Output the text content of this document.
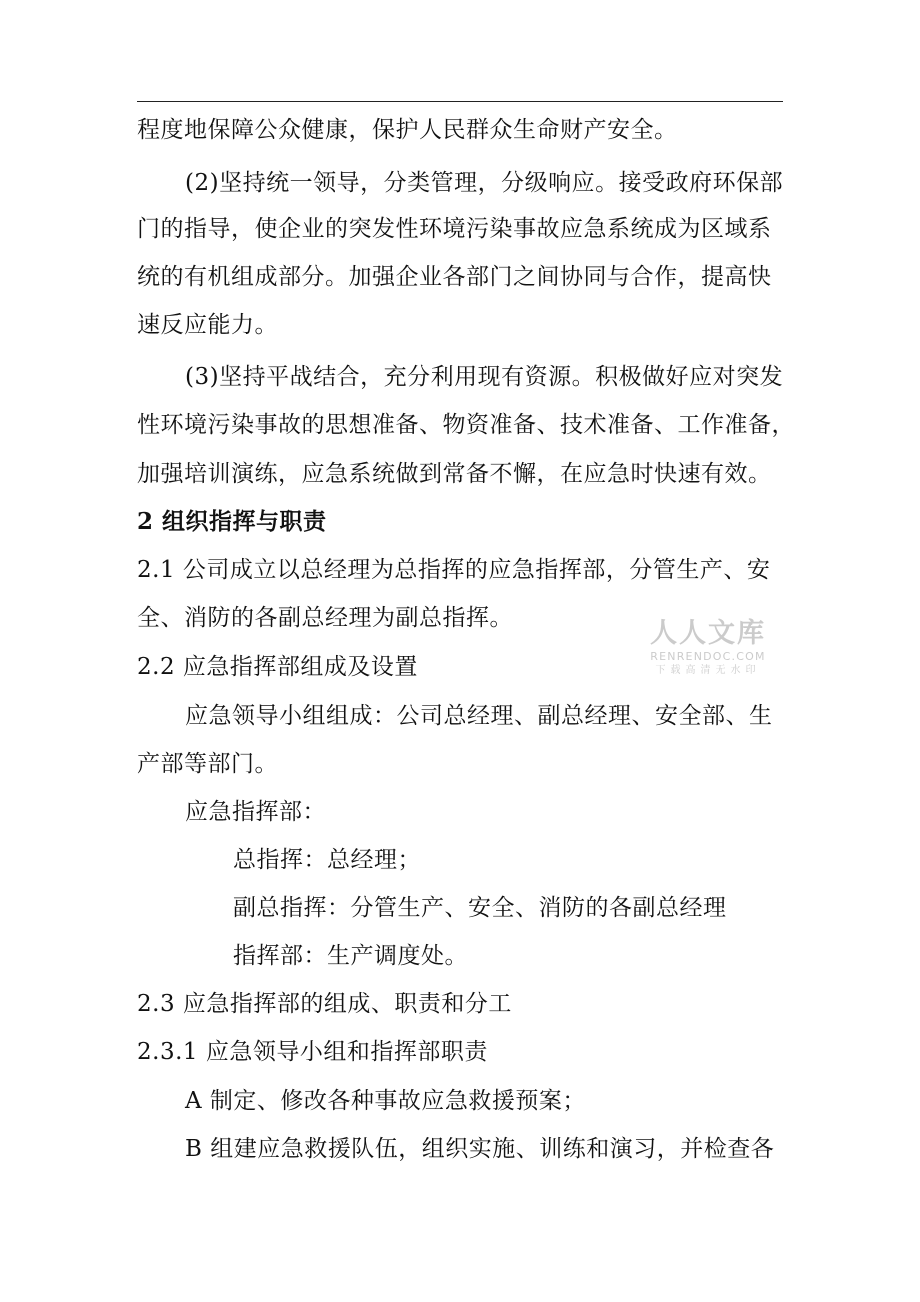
程度地保障公众健康，保护人民群众生命财产安全。
(2)坚持统一领导，分类管理，分级响应。接受政府环保部
门的指导，使企业的突发性环境污染事故应急系统成为区域系
统的有机组成部分。加强企业各部门之间协同与合作，提高快
速反应能力。
(3)坚持平战结合，充分利用现有资源。积极做好应对突发
性环境污染事故的思想准备、物资准备、技术准备、工作准备，
加强培训演练，应急系统做到常备不懈，在应急时快速有效。
2 组织指挥与职责
2.1 公司成立以总经理为总指挥的应急指挥部，分管生产、安
全、消防的各副总经理为副总指挥。
2.2 应急指挥部组成及设置
应急领导小组组成：公司总经理、副总经理、安全部、生
产部等部门。
应急指挥部：
总指挥：总经理；
副总指挥：分管生产、安全、消防的各副总经理
指挥部：生产调度处。
2.3 应急指挥部的组成、职责和分工
2.3.1 应急领导小组和指挥部职责
A 制定、修改各种事故应急救援预案；
B 组建应急救援队伍，组织实施、训练和演习，并检查各
人人文库
RENRENDOC.COM
下载高清无水印
